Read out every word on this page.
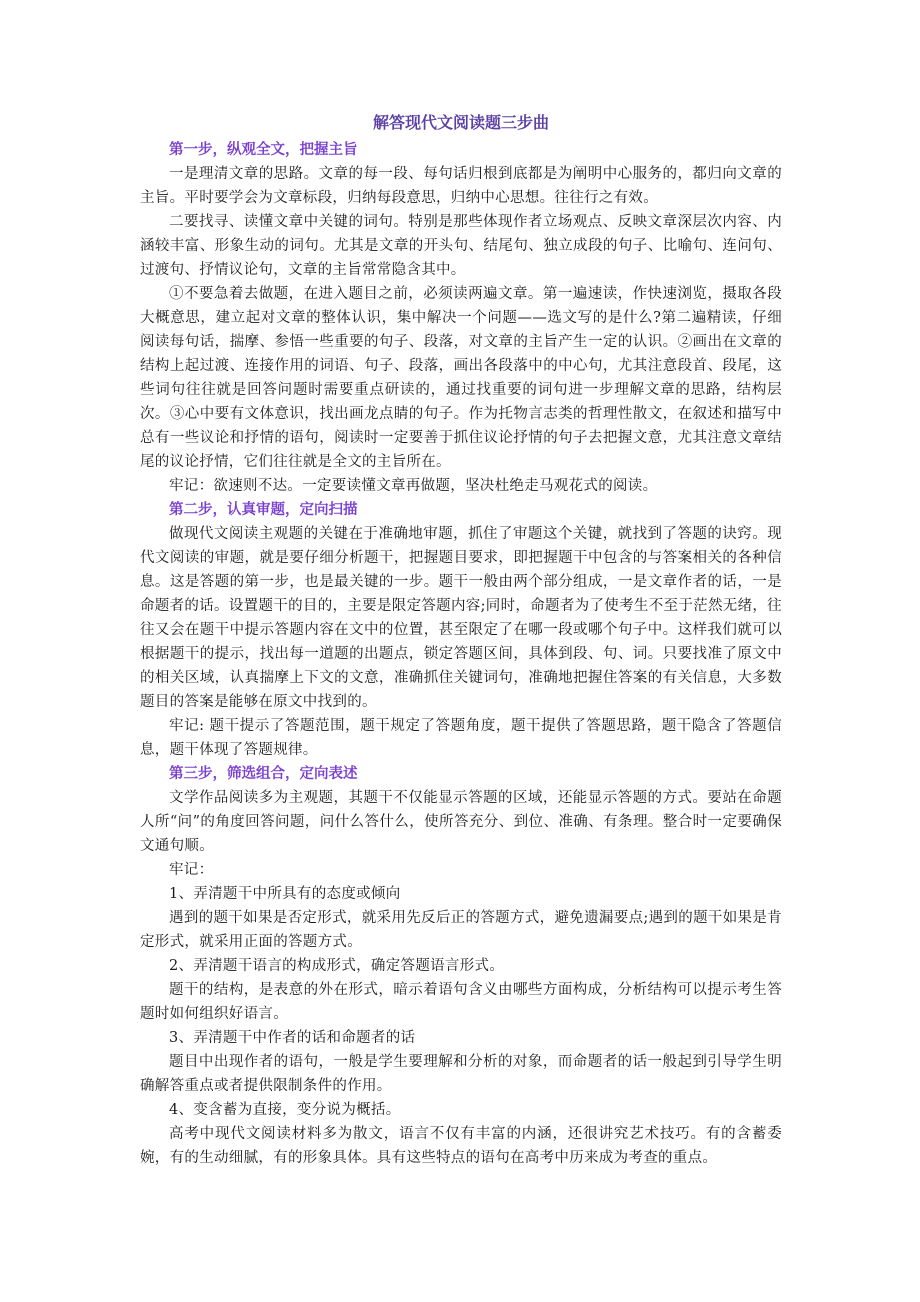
解答现代文阅读题三步曲

第一步，纵观全文，把握主旨

一是理清文章的思路。文章的每一段、每句话归根到底都是为阐明中心服务的，都归向文章的主旨。平时要学会为文章标段，归纳每段意思，归纳中心思想。往往行之有效。

二要找寻、读懂文章中关键的词句。特别是那些体现作者立场观点、反映文章深层次内容、内涵较丰富、形象生动的词句。尤其是文章的开头句、结尾句、独立成段的句子、比喻句、连问句、过渡句、抒情议论句，文章的主旨常常隐含其中。

①不要急着去做题，在进入题目之前，必须读两遍文章。第一遍速读，作快速浏览，摄取各段大概意思，建立起对文章的整体认识，集中解决一个问题——选文写的是什么?第二遍精读，仔细阅读每句话，揣摩、参悟一些重要的句子、段落，对文章的主旨产生一定的认识。②画出在文章的结构上起过渡、连接作用的词语、句子、段落，画出各段落中的中心句，尤其注意段首、段尾，这些词句往往就是回答问题时需要重点研读的，通过找重要的词句进一步理解文章的思路，结构层次。③心中要有文体意识，找出画龙点睛的句子。作为托物言志类的哲理性散文，在叙述和描写中总有一些议论和抒情的语句，阅读时一定要善于抓住议论抒情的句子去把握文意，尤其注意文章结尾的议论抒情，它们往往就是全文的主旨所在。

牢记：欲速则不达。一定要读懂文章再做题，坚决杜绝走马观花式的阅读。

第二步，认真审题，定向扫描

做现代文阅读主观题的关键在于准确地审题，抓住了审题这个关键，就找到了答题的诀窍。现代文阅读的审题，就是要仔细分析题干，把握题目要求，即把握题干中包含的与答案相关的各种信息。这是答题的第一步，也是最关键的一步。题干一般由两个部分组成，一是文章作者的话，一是命题者的话。设置题干的目的，主要是限定答题内容;同时，命题者为了使考生不至于茫然无绪，往往又会在题干中提示答题内容在文中的位置，甚至限定了在哪一段或哪个句子中。这样我们就可以根据题干的提示，找出每一道题的出题点，锁定答题区间，具体到段、句、词。只要找准了原文中的相关区域，认真揣摩上下文的文意，准确抓住关键词句，准确地把握住答案的有关信息，大多数题目的答案是能够在原文中找到的。

牢记: 题干提示了答题范围，题干规定了答题角度，题干提供了答题思路，题干隐含了答题信息，题干体现了答题规律。

第三步，筛选组合，定向表述

文学作品阅读多为主观题，其题干不仅能显示答题的区域，还能显示答题的方式。要站在命题人所“问”的角度回答问题，问什么答什么，使所答充分、到位、准确、有条理。整合时一定要确保文通句顺。

牢记：

1、弄清题干中所具有的态度或倾向

遇到的题干如果是否定形式，就采用先反后正的答题方式，避免遗漏要点;遇到的题干如果是肯定形式，就采用正面的答题方式。

2、弄清题干语言的构成形式，确定答题语言形式。

题干的结构，是表意的外在形式，暗示着语句含义由哪些方面构成，分析结构可以提示考生答题时如何组织好语言。

3、弄清题干中作者的话和命题者的话

题目中出现作者的语句，一般是学生要理解和分析的对象，而命题者的话一般起到引导学生明确解答重点或者提供限制条件的作用。

4、变含蓄为直接，变分说为概括。

高考中现代文阅读材料多为散文，语言不仅有丰富的内涵，还很讲究艺术技巧。有的含蓄委婉，有的生动细腻，有的形象具体。具有这些特点的语句在高考中历来成为考查的重点。
